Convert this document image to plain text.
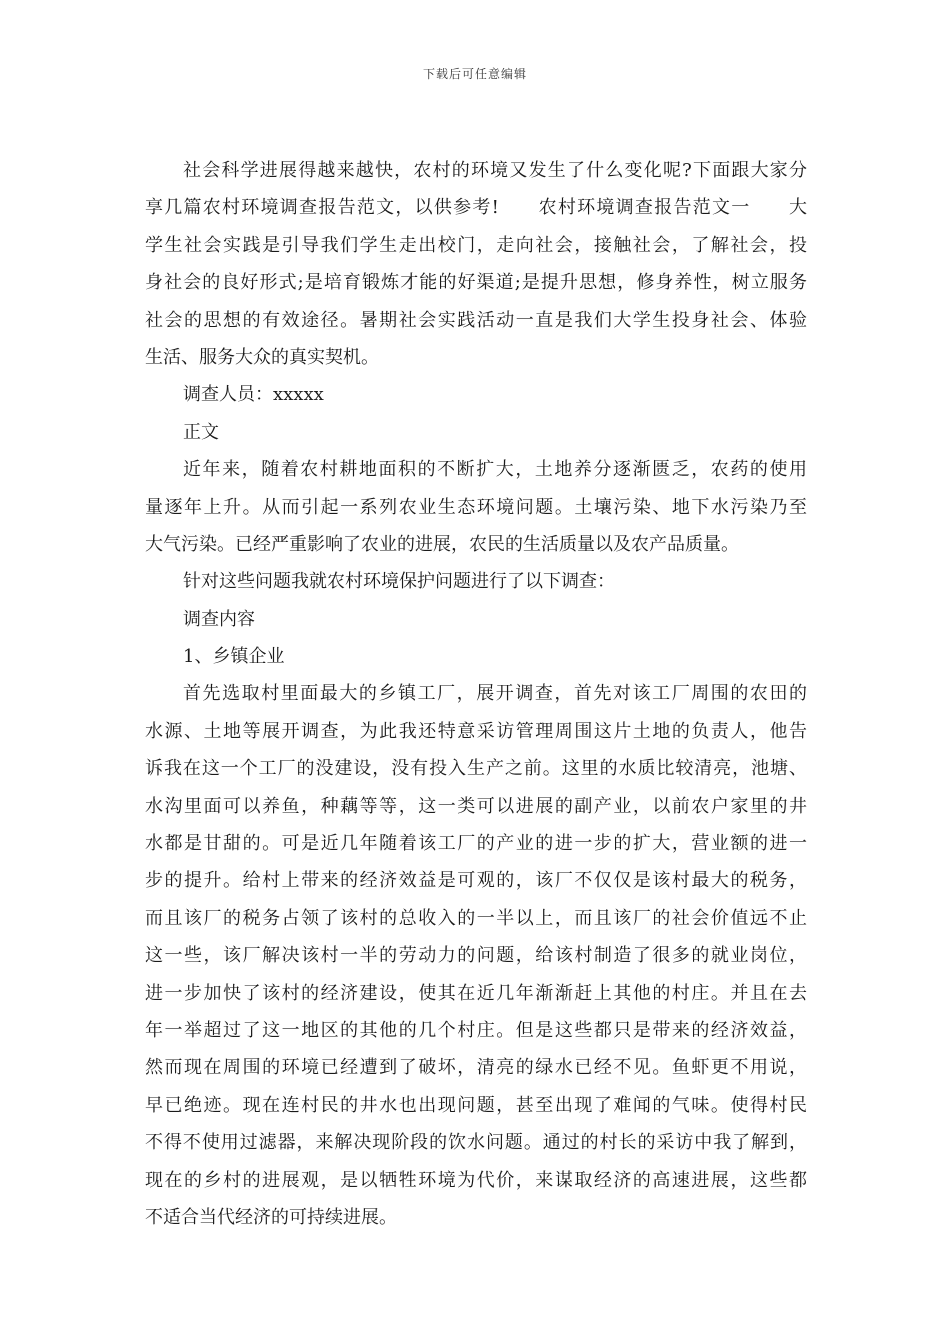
下载后可任意编辑
社会科学进展得越来越快，农村的环境又发生了什么变化呢?下面跟大家分
享几篇农村环境调查报告范文，以供参考!　　农村环境调查报告范文一　　大
学生社会实践是引导我们学生走出校门，走向社会，接触社会，了解社会，投
身社会的良好形式;是培育锻炼才能的好渠道;是提升思想，修身养性，树立服务
社会的思想的有效途径。暑期社会实践活动一直是我们大学生投身社会、体验
生活、服务大众的真实契机。
调查人员：xxxxx
正文
近年来，随着农村耕地面积的不断扩大，土地养分逐渐匮乏，农药的使用
量逐年上升。从而引起一系列农业生态环境问题。土壤污染、地下水污染乃至
大气污染。已经严重影响了农业的进展，农民的生活质量以及农产品质量。
针对这些问题我就农村环境保护问题进行了以下调查：
调查内容
1、乡镇企业
首先选取村里面最大的乡镇工厂，展开调查，首先对该工厂周围的农田的
水源、土地等展开调查，为此我还特意采访管理周围这片土地的负责人，他告
诉我在这一个工厂的没建设，没有投入生产之前。这里的水质比较清亮，池塘、
水沟里面可以养鱼，种藕等等，这一类可以进展的副产业，以前农户家里的井
水都是甘甜的。可是近几年随着该工厂的产业的进一步的扩大，营业额的进一
步的提升。给村上带来的经济效益是可观的，该厂不仅仅是该村最大的税务，
而且该厂的税务占领了该村的总收入的一半以上，而且该厂的社会价值远不止
这一些，该厂解决该村一半的劳动力的问题，给该村制造了很多的就业岗位，
进一步加快了该村的经济建设，使其在近几年渐渐赶上其他的村庄。并且在去
年一举超过了这一地区的其他的几个村庄。但是这些都只是带来的经济效益，
然而现在周围的环境已经遭到了破坏，清亮的绿水已经不见。鱼虾更不用说，
早已绝迹。现在连村民的井水也出现问题，甚至出现了难闻的气味。使得村民
不得不使用过滤器，来解决现阶段的饮水问题。通过的村长的采访中我了解到，
现在的乡村的进展观，是以牺牲环境为代价，来谋取经济的高速进展，这些都
不适合当代经济的可持续进展。
